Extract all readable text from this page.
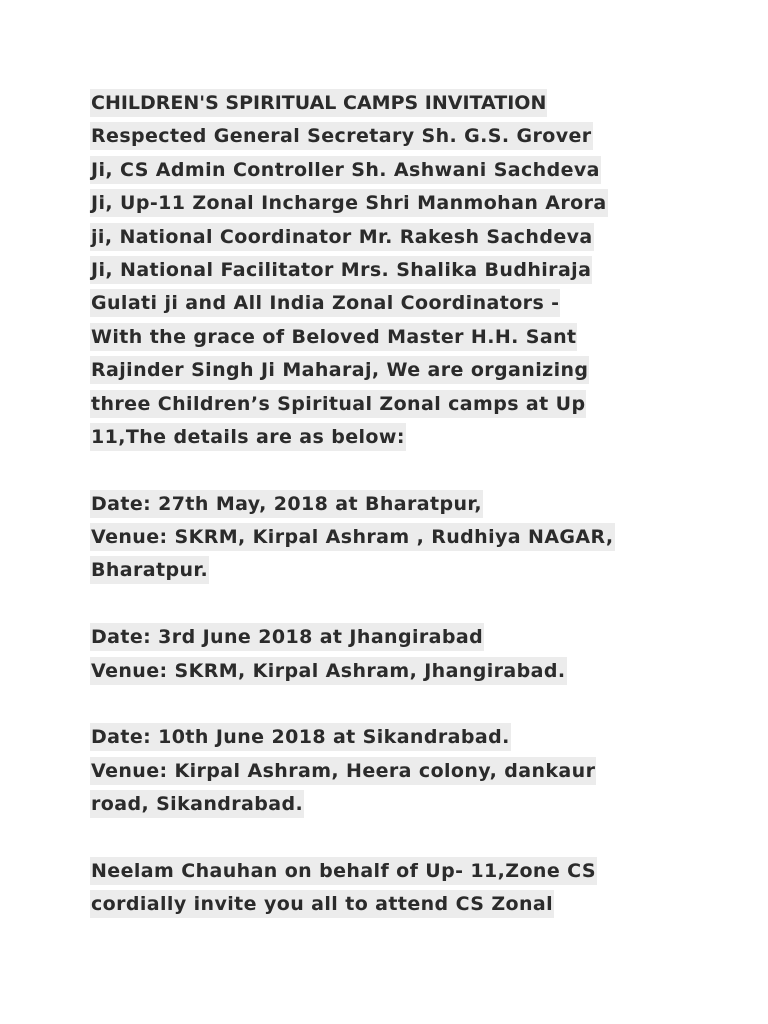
CHILDREN'S SPIRITUAL CAMPS INVITATION
Respected General Secretary Sh. G.S. Grover
Ji, CS Admin Controller Sh. Ashwani Sachdeva
Ji, Up-11 Zonal Incharge Shri Manmohan Arora
ji, National Coordinator Mr. Rakesh Sachdeva
Ji, National Facilitator Mrs. Shalika Budhiraja
Gulati ji and All India Zonal Coordinators -
With the grace of Beloved Master H.H. Sant
Rajinder Singh Ji Maharaj, We are organizing
three Children’s Spiritual Zonal camps at Up
11,The details are as below:
Date: 27th May, 2018 at Bharatpur,
Venue: SKRM, Kirpal Ashram , Rudhiya NAGAR,
Bharatpur.
Date: 3rd June 2018 at Jhangirabad
Venue: SKRM, Kirpal Ashram, Jhangirabad.
Date: 10th June 2018 at Sikandrabad.
Venue: Kirpal Ashram, Heera colony, dankaur
road, Sikandrabad.
Neelam Chauhan on behalf of Up- 11,Zone CS
cordially invite you all to attend CS Zonal
